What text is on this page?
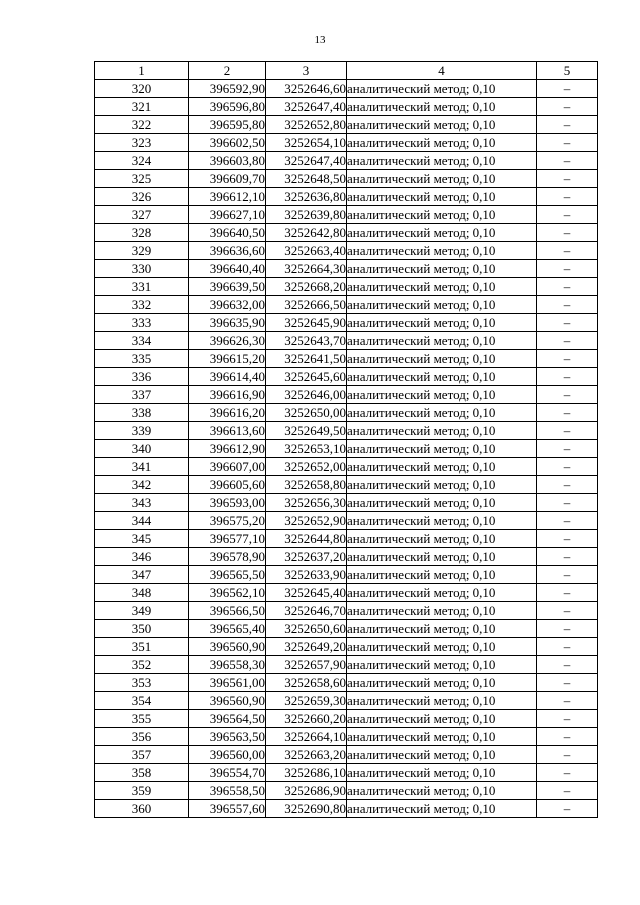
13
1	2	3	4	5
320	396592,90	3252646,60	аналитический метод; 0,10	–
321	396596,80	3252647,40	аналитический метод; 0,10	–
322	396595,80	3252652,80	аналитический метод; 0,10	–
323	396602,50	3252654,10	аналитический метод; 0,10	–
324	396603,80	3252647,40	аналитический метод; 0,10	–
325	396609,70	3252648,50	аналитический метод; 0,10	–
326	396612,10	3252636,80	аналитический метод; 0,10	–
327	396627,10	3252639,80	аналитический метод; 0,10	–
328	396640,50	3252642,80	аналитический метод; 0,10	–
329	396636,60	3252663,40	аналитический метод; 0,10	–
330	396640,40	3252664,30	аналитический метод; 0,10	–
331	396639,50	3252668,20	аналитический метод; 0,10	–
332	396632,00	3252666,50	аналитический метод; 0,10	–
333	396635,90	3252645,90	аналитический метод; 0,10	–
334	396626,30	3252643,70	аналитический метод; 0,10	–
335	396615,20	3252641,50	аналитический метод; 0,10	–
336	396614,40	3252645,60	аналитический метод; 0,10	–
337	396616,90	3252646,00	аналитический метод; 0,10	–
338	396616,20	3252650,00	аналитический метод; 0,10	–
339	396613,60	3252649,50	аналитический метод; 0,10	–
340	396612,90	3252653,10	аналитический метод; 0,10	–
341	396607,00	3252652,00	аналитический метод; 0,10	–
342	396605,60	3252658,80	аналитический метод; 0,10	–
343	396593,00	3252656,30	аналитический метод; 0,10	–
344	396575,20	3252652,90	аналитический метод; 0,10	–
345	396577,10	3252644,80	аналитический метод; 0,10	–
346	396578,90	3252637,20	аналитический метод; 0,10	–
347	396565,50	3252633,90	аналитический метод; 0,10	–
348	396562,10	3252645,40	аналитический метод; 0,10	–
349	396566,50	3252646,70	аналитический метод; 0,10	–
350	396565,40	3252650,60	аналитический метод; 0,10	–
351	396560,90	3252649,20	аналитический метод; 0,10	–
352	396558,30	3252657,90	аналитический метод; 0,10	–
353	396561,00	3252658,60	аналитический метод; 0,10	–
354	396560,90	3252659,30	аналитический метод; 0,10	–
355	396564,50	3252660,20	аналитический метод; 0,10	–
356	396563,50	3252664,10	аналитический метод; 0,10	–
357	396560,00	3252663,20	аналитический метод; 0,10	–
358	396554,70	3252686,10	аналитический метод; 0,10	–
359	396558,50	3252686,90	аналитический метод; 0,10	–
360	396557,60	3252690,80	аналитический метод; 0,10	–
